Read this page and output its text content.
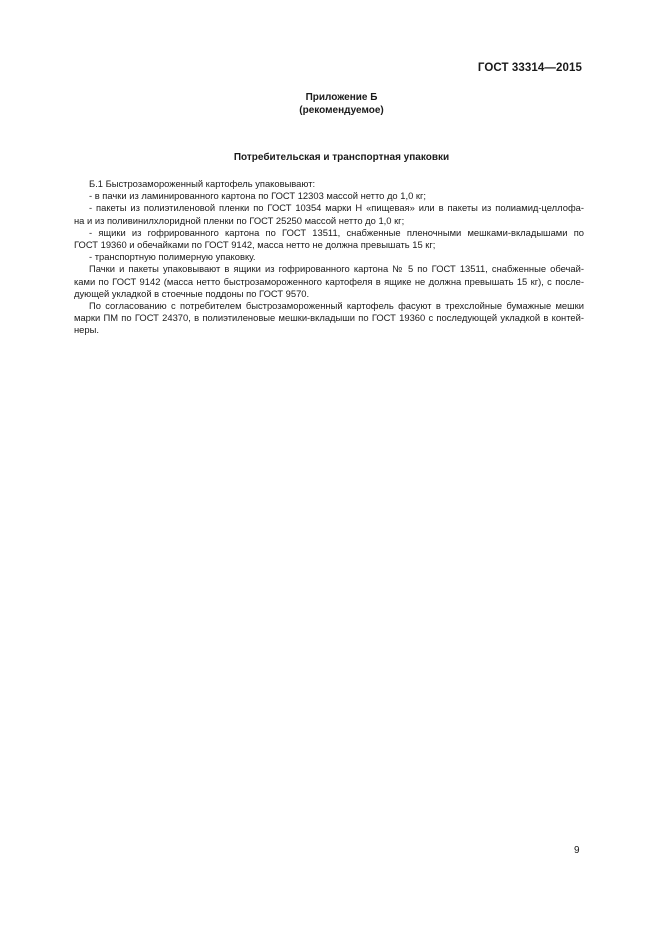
ГОСТ 33314—2015
Приложение Б
(рекомендуемое)
Потребительская и транспортная упаковки
Б.1 Быстрозамороженный картофель упаковывают:
- в пачки из ламинированного картона по ГОСТ 12303 массой нетто до 1,0 кг;
- пакеты из полиэтиленовой пленки по ГОСТ 10354 марки Н «пищевая» или в пакеты из полиамид-целлофа-
на и из поливинилхлоридной пленки по ГОСТ 25250 массой нетто до 1,0 кг;
- ящики из гофрированного картона по ГОСТ 13511, снабженные пленочными мешками-вкладышами по
ГОСТ 19360 и обечайками по ГОСТ 9142, масса нетто не должна превышать 15 кг;
- транспортную полимерную упаковку.
Пачки и пакеты упаковывают в ящики из гофрированного картона № 5 по ГОСТ 13511, снабженные обечай-
ками по ГОСТ 9142 (масса нетто быстрозамороженного картофеля в ящике не должна превышать 15 кг), с после-
дующей укладкой в стоечные поддоны по ГОСТ 9570.
По согласованию с потребителем быстрозамороженный картофель фасуют в трехслойные бумажные мешки
марки ПМ по ГОСТ 24370, в полиэтиленовые мешки-вкладыши по ГОСТ 19360 с последующей укладкой в контей-
неры.
9
